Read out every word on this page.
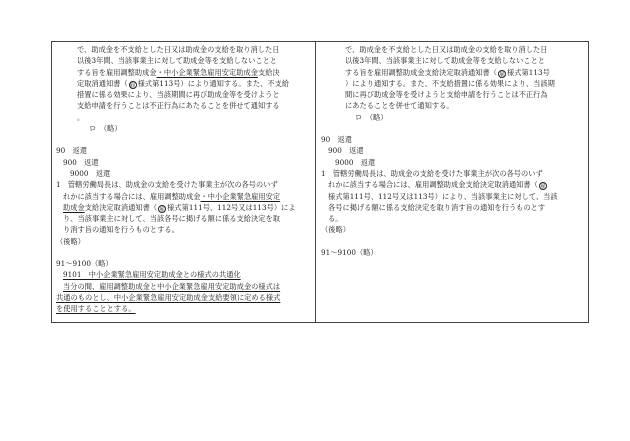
で、助成金を不支給とした日又は助成金の支給を取り消した日
以後3年間、当該事業主に対して助成金等を支給しないことと
する旨を雇用調整助成金・中小企業緊急雇用安定助成金支給決
定取消通知書（ 雇 様式第113号）により通知する。また、不支給
措置に係る効果により、当該期間に再び助成金等を受けようと
支給申請を行うことは不正行為にあたることを併せて通知する
。
ロ　（略）
90　返還
900　返還
9000　返還
1　管轄労働局長は、助成金の支給を受けた事業主が次の各号のいず
れかに該当する場合には、雇用調整助成金・中小企業緊急雇用安定
助成金支給決定取消通知書（ 雇 様式第111号、112号又は113号）によ
り、当該事業主に対して、当該各号に掲げる額に係る支給決定を取
り消す旨の通知を行うものとする。
（後略）
91～9100（略）
9101　中小企業緊急雇用安定助成金との様式の共通化
当分の間、雇用調整助成金と中小企業緊急雇用安定助成金の様式は
共通のものとし、中小企業緊急雇用安定助成金支給要領に定める様式
を使用することとする。
で、助成金を不支給とした日又は助成金の支給を取り消した日
以後3年間、当該事業主に対して助成金等を支給しないことと
する旨を雇用調整助成金支給決定取消通知書（ 雇 様式第113号
）により通知する。また、不支給措置に係る効果により、当該期
間に再び助成金等を受けようと支給申請を行うことは不正行為
にあたることを併せて通知する。
ロ　（略）
90　返還
900　返還
9000　返還
1　管轄労働局長は、助成金の支給を受けた事業主が次の各号のいず
れかに該当する場合には、雇用調整助成金支給決定取消通知書（ 雇
様式第111号、112号又は113号）により、当該事業主に対して、当該
各号に掲げる額に係る支給決定を取り消す旨の通知を行うものとす
る。
（後略）
91～9100（略）
